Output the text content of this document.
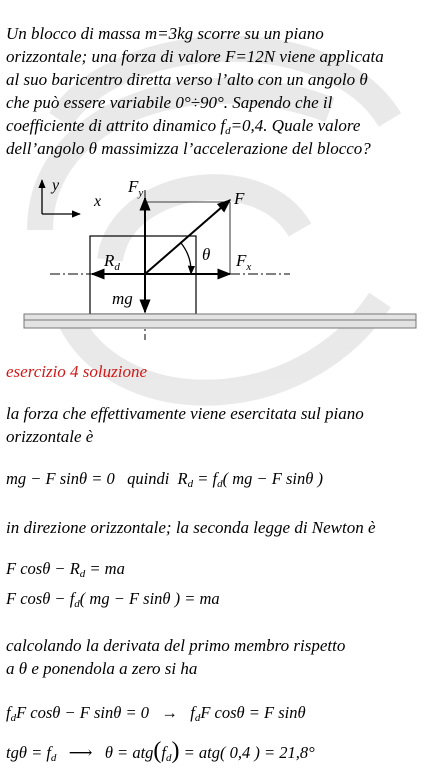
Un blocco di massa m=3kg scorre su un piano
orizzontale; una forza di valore F=12N viene applicata
al suo baricentro diretta verso l’alto con un angolo θ
che può essere variabile 0°÷90°. Sapendo che il
coefficiente di attrito dinamico $f_d=0,4$. Quale valore
dell’angolo θ massimizza l’accelerazione del blocco?
y
x
$F_y$	F
$R_d$
θ $F_x$
mg
esercizio 4 soluzione
la forza che effettivamente viene esercitata sul piano
orizzontale è
mg − F sinθ = 0 quindi $R_d = f_d$( mg − F sinθ )
in direzione orizzontale; la seconda legge di Newton è
F $\cos\theta - R_d$ = ma
F $\cos\theta - f_d$( mg − F sinθ ) = ma
calcolando la derivata del primo membro rispetto
a θ e ponendola a zero si ha
$f_dF$ cosθ − F $\sin\theta = 0 \to f_dF$ cosθ = F sinθ
$tg\theta = f_d$ ⟶ $\theta = atg(f_d) = atg$( 0,4 ) = 21,8°
